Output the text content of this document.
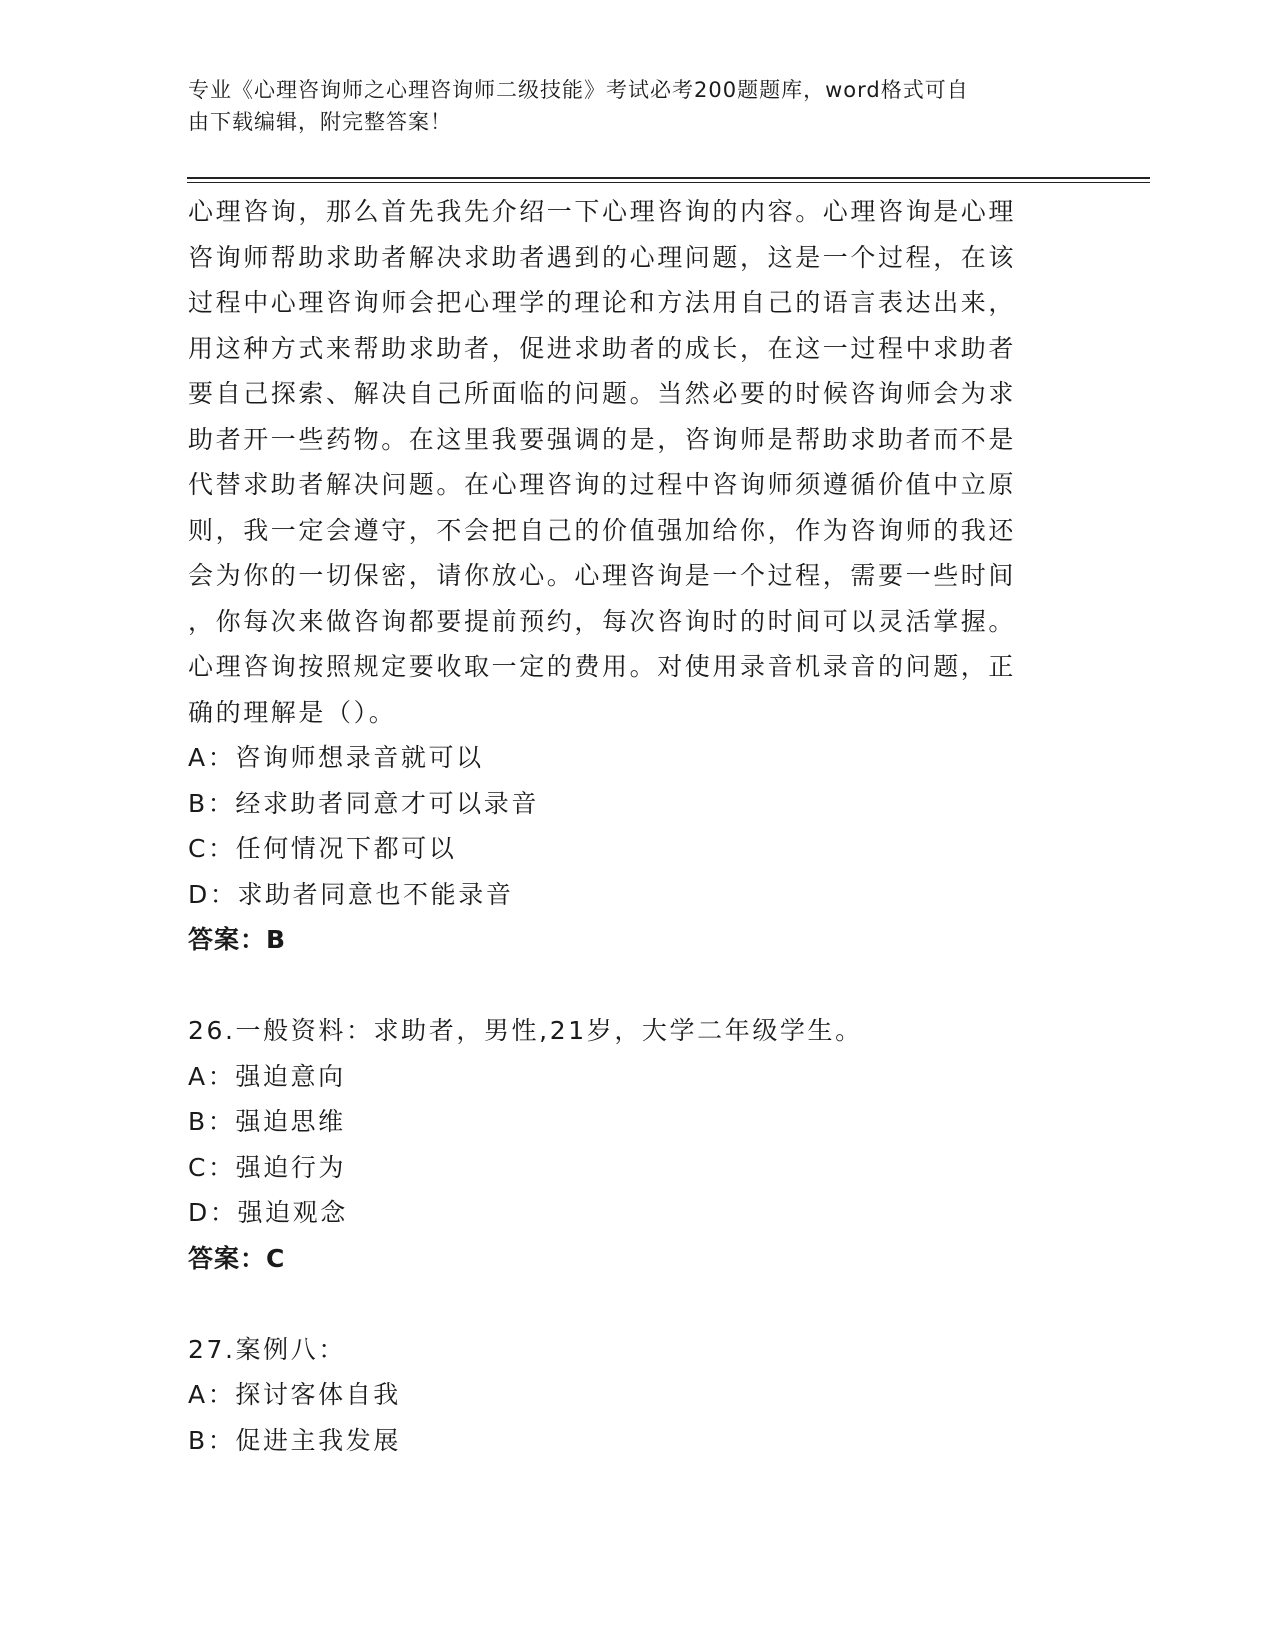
专业《心理咨询师之心理咨询师二级技能》考试必考200题题库，word格式可自
由下载编辑，附完整答案！
心理咨询，那么首先我先介绍一下心理咨询的内容。心理咨询是心理
咨询师帮助求助者解决求助者遇到的心理问题，这是一个过程，在该
过程中心理咨询师会把心理学的理论和方法用自己的语言表达出来，
用这种方式来帮助求助者，促进求助者的成长，在这一过程中求助者
要自己探索、解决自己所面临的问题。当然必要的时候咨询师会为求
助者开一些药物。在这里我要强调的是，咨询师是帮助求助者而不是
代替求助者解决问题。在心理咨询的过程中咨询师须遵循价值中立原
则，我一定会遵守，不会把自己的价值强加给你，作为咨询师的我还
会为你的一切保密，请你放心。心理咨询是一个过程，需要一些时间
，你每次来做咨询都要提前预约，每次咨询时的时间可以灵活掌握。
心理咨询按照规定要收取一定的费用。对使用录音机录音的问题，正
确的理解是（）。
A：咨询师想录音就可以
B：经求助者同意才可以录音
C：任何情况下都可以
D：求助者同意也不能录音
答案：B
26.一般资料：求助者，男性,21岁，大学二年级学生。
A：强迫意向
B：强迫思维
C：强迫行为
D：强迫观念
答案：C
27.案例八：
A：探讨客体自我
B：促进主我发展
